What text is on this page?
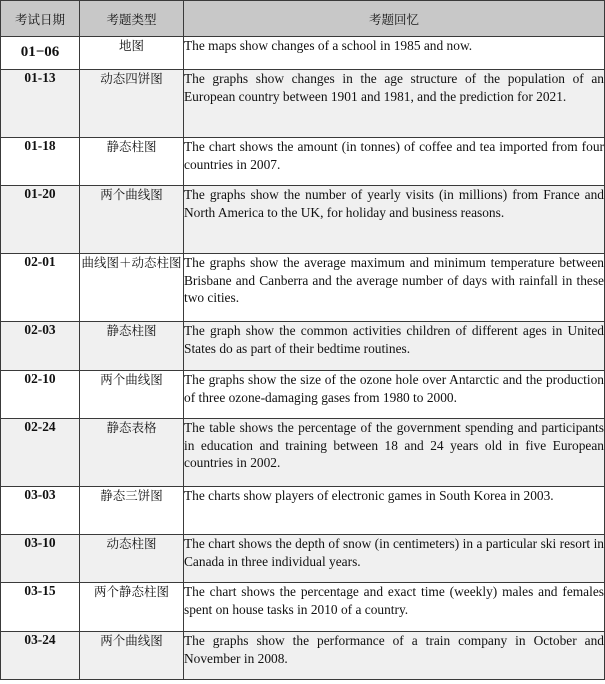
考试日期	考题类型	考题回忆
01−06	地图	The maps show changes of a school in 1985 and now.
01-13	动态四饼图	The graphs show changes in the age structure of the population of an European country between 1901 and 1981, and the prediction for 2021.
01-18	静态柱图	The chart shows the amount (in tonnes) of coffee and tea imported from four countries in 2007.
01-20	两个曲线图	The graphs show the number of yearly visits (in millions) from France and North America to the UK, for holiday and business reasons.
02-01	曲线图＋动态柱图	The graphs show the average maximum and minimum temperature between Brisbane and Canberra and the average number of days with rainfall in these two cities.
02-03	静态柱图	The graph show the common activities children of different ages in United States do as part of their bedtime routines.
02-10	两个曲线图	The graphs show the size of the ozone hole over Antarctic and the production of three ozone-damaging gases from 1980 to 2000.
02-24	静态表格	The table shows the percentage of the government spending and participants in education and training between 18 and 24 years old in five European countries in 2002.
03-03	静态三饼图	The charts show players of electronic games in South Korea in 2003.
03-10	动态柱图	The chart shows the depth of snow (in centimeters) in a particular ski resort in Canada in three individual years.
03-15	两个静态柱图	The chart shows the percentage and exact time (weekly) males and females spent on house tasks in 2010 of a country.
03-24	两个曲线图	The graphs show the performance of a train company in October and November in 2008.
